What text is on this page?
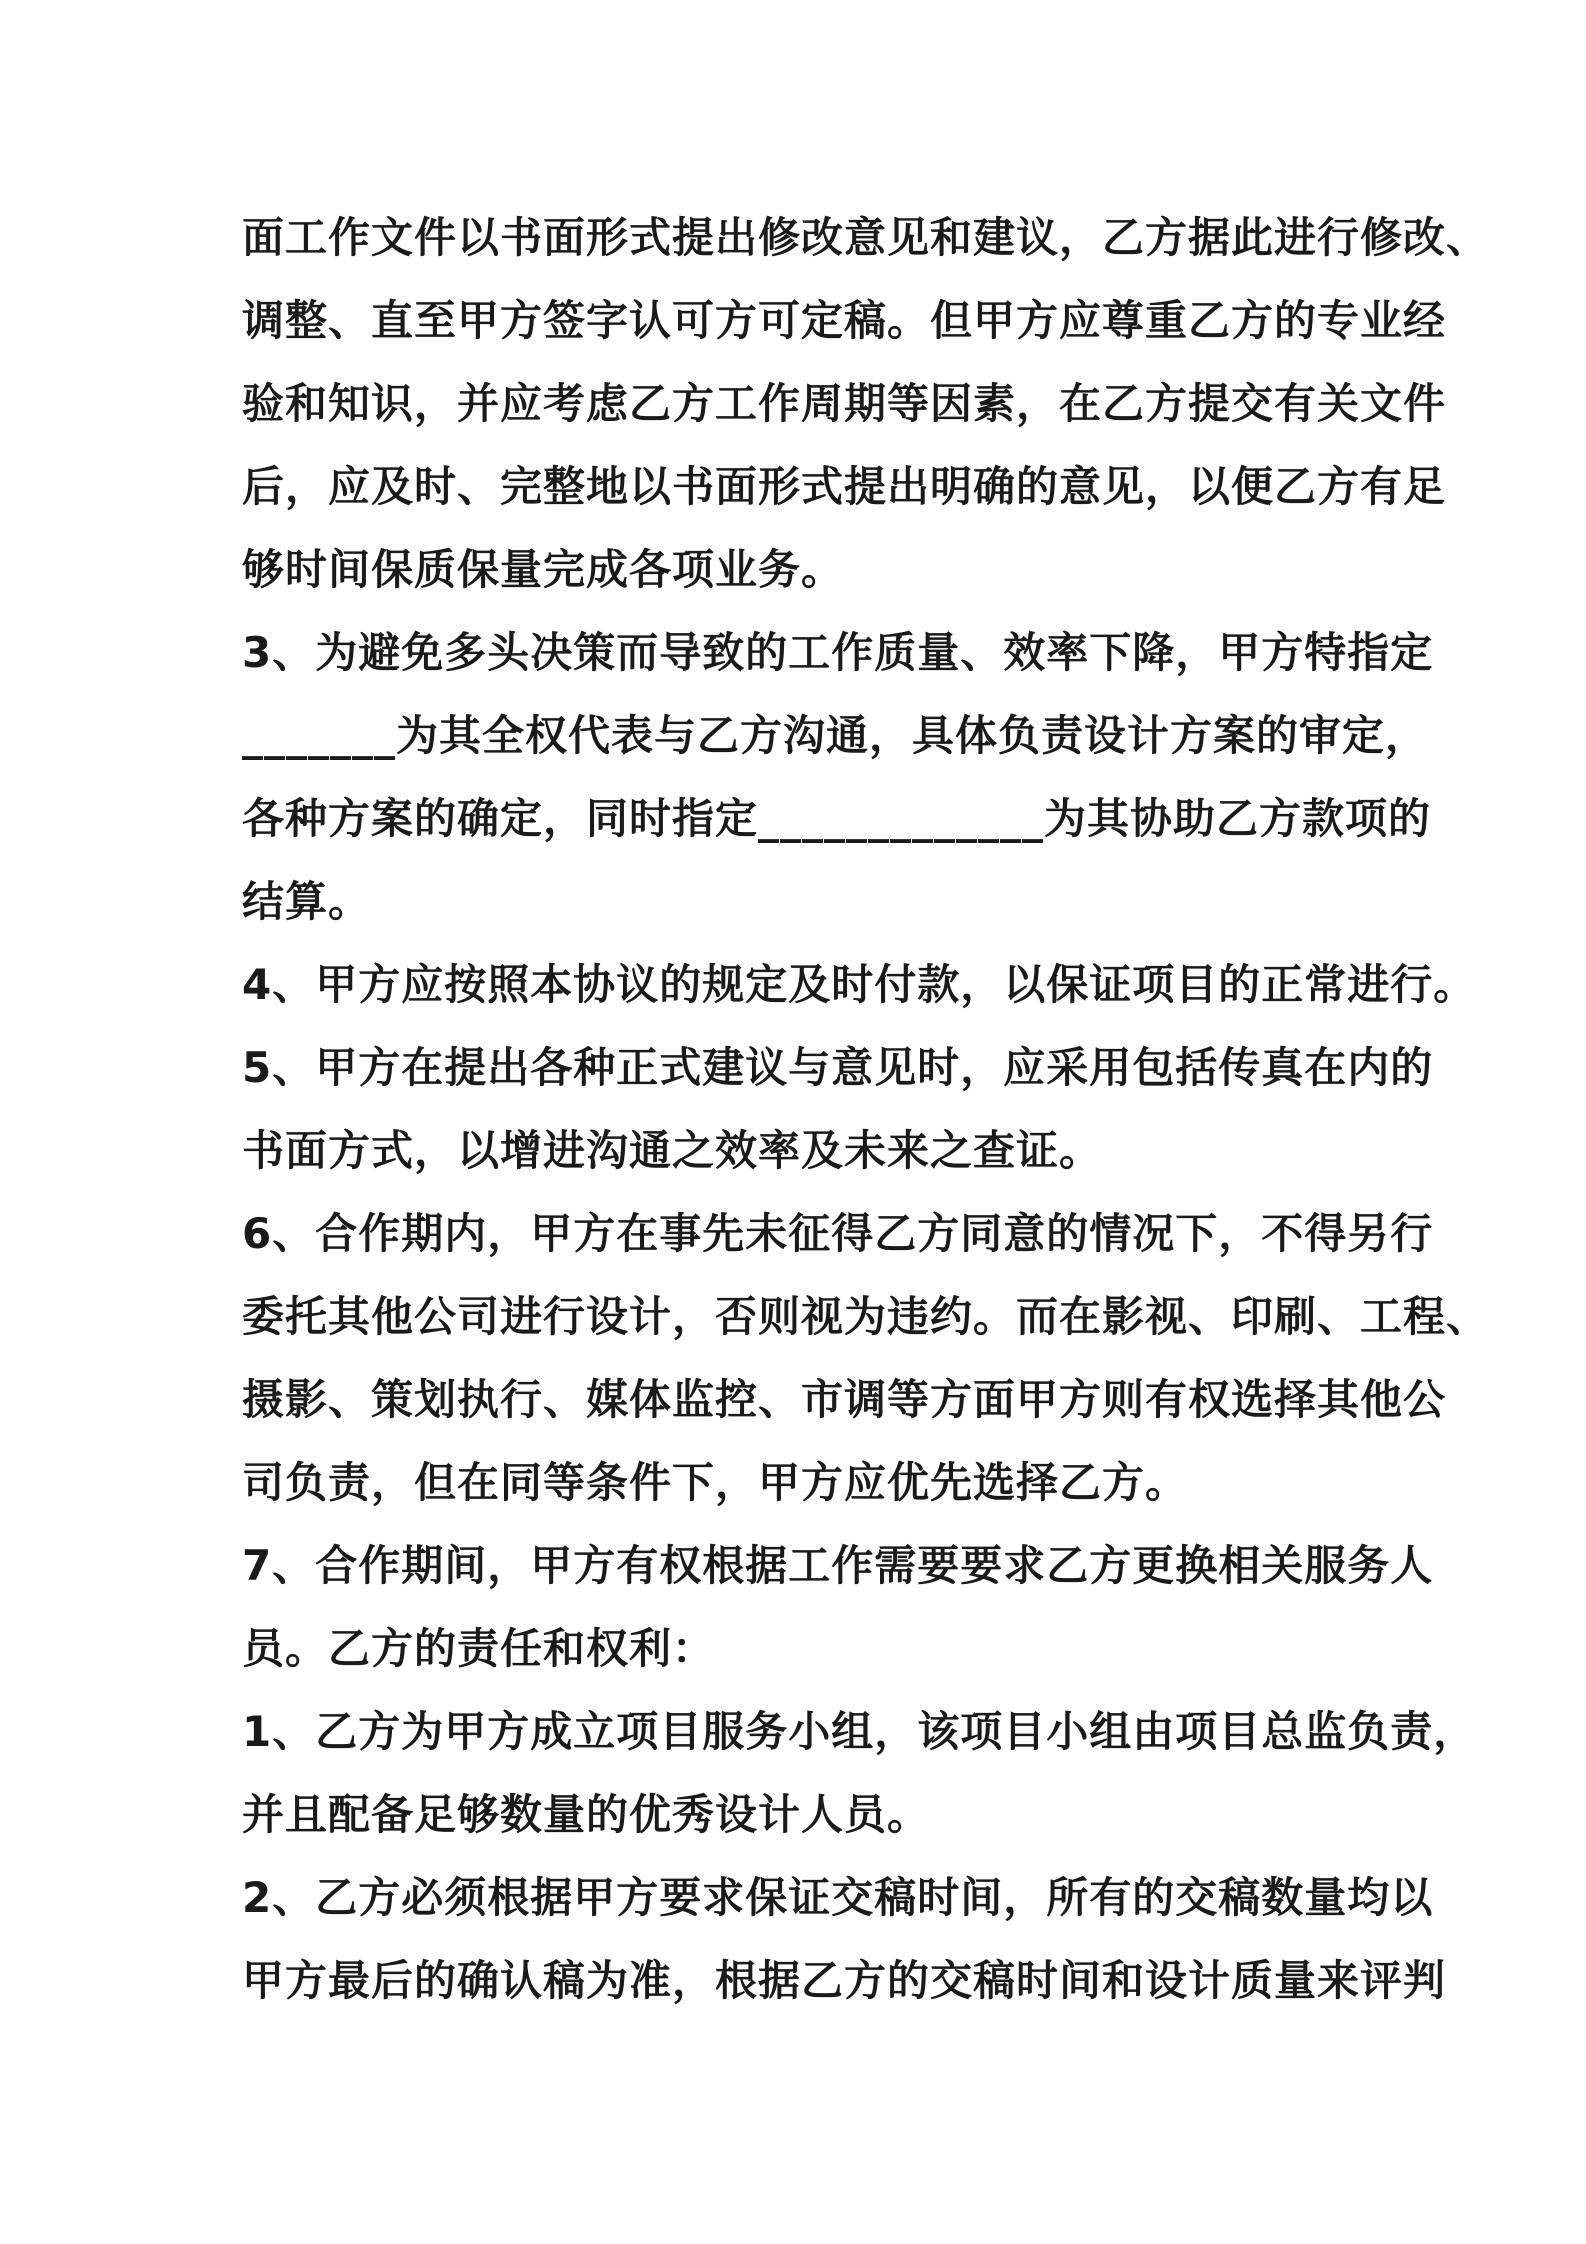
面工作文件以书面形式提出修改意见和建议，乙方据此进行修改、
调整、直至甲方签字认可方可定稿。但甲方应尊重乙方的专业经
验和知识，并应考虑乙方工作周期等因素，在乙方提交有关文件
后，应及时、完整地以书面形式提出明确的意见，以便乙方有足
够时间保质保量完成各项业务。
3、为避免多头决策而导致的工作质量、效率下降，甲方特指定
_______为其全权代表与乙方沟通，具体负责设计方案的审定，
各种方案的确定，同时指定_____________为其协助乙方款项的
结算。
4、甲方应按照本协议的规定及时付款，以保证项目的正常进行。
5、甲方在提出各种正式建议与意见时，应采用包括传真在内的
书面方式，以增进沟通之效率及未来之查证。
6、合作期内，甲方在事先未征得乙方同意的情况下，不得另行
委托其他公司进行设计，否则视为违约。而在影视、印刷、工程、
摄影、策划执行、媒体监控、市调等方面甲方则有权选择其他公
司负责，但在同等条件下，甲方应优先选择乙方。
7、合作期间，甲方有权根据工作需要要求乙方更换相关服务人
员。乙方的责任和权利：
1、乙方为甲方成立项目服务小组，该项目小组由项目总监负责，
并且配备足够数量的优秀设计人员。
2、乙方必须根据甲方要求保证交稿时间，所有的交稿数量均以
甲方最后的确认稿为准，根据乙方的交稿时间和设计质量来评判
